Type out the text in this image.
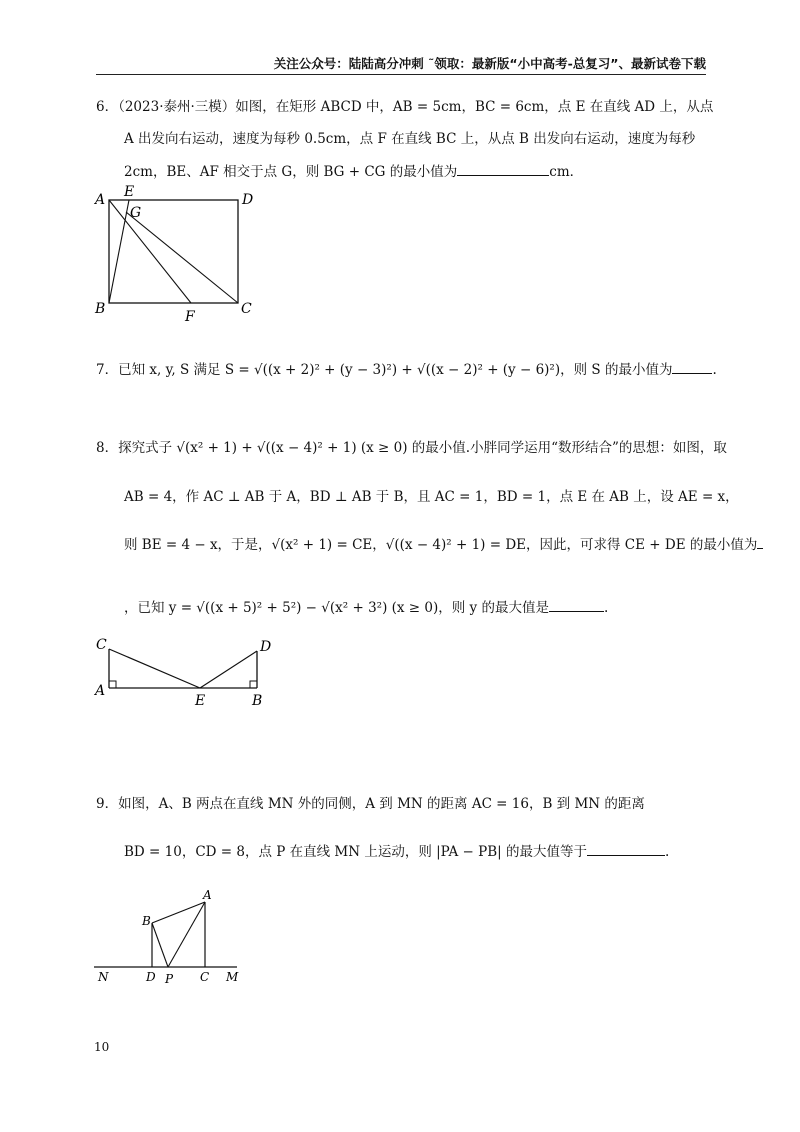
关注公众号：陆陆高分冲刺 ˜领取：最新版“小中高考-总复习”、最新试卷下载
6．（2023·泰州·三模）如图，在矩形 ABCD 中，AB = 5cm，BC = 6cm，点 E 在直线 AD 上，从点
A 出发向右运动，速度为每秒 0.5cm，点 F 在直线 BC 上，从点 B 出发向右运动，速度为每秒
2cm，BE、AF 相交于点 G，则 BG + CG 的最小值为	cm．
A E
G
D
B	F	C
7．已知 x, y, S 满足 S = √((x + 2)² + (y − 3)²) + √((x − 2)² + (y − 6)²)，则 S 的最小值为	.
8．探究式子 √(x² + 1) + √((x − 4)² + 1) (x ≥ 0) 的最小值.小胖同学运用“数形结合”的思想：如图，取
AB = 4，作 AC ⊥ AB 于 A，BD ⊥ AB 于 B，且 AC = 1，BD = 1，点 E 在 AB 上，设 AE = x，
则 BE = 4 − x，于是，√(x² + 1) = CE，√((x − 4)² + 1) = DE，因此，可求得 CE + DE 的最小值为
，已知 y = √((x + 5)² + 5²) − √(x² + 3²) (x ≥ 0)，则 y 的最大值是	.
C	D
A
E	B
9．如图，A、B 两点在直线 MN 外的同侧，A 到 MN 的距离 AC = 16，B 到 MN 的距离
BD = 10，CD = 8，点 P 在直线 MN 上运动，则 |PA − PB| 的最大值等于	.
A
B
N	D P C M
10
